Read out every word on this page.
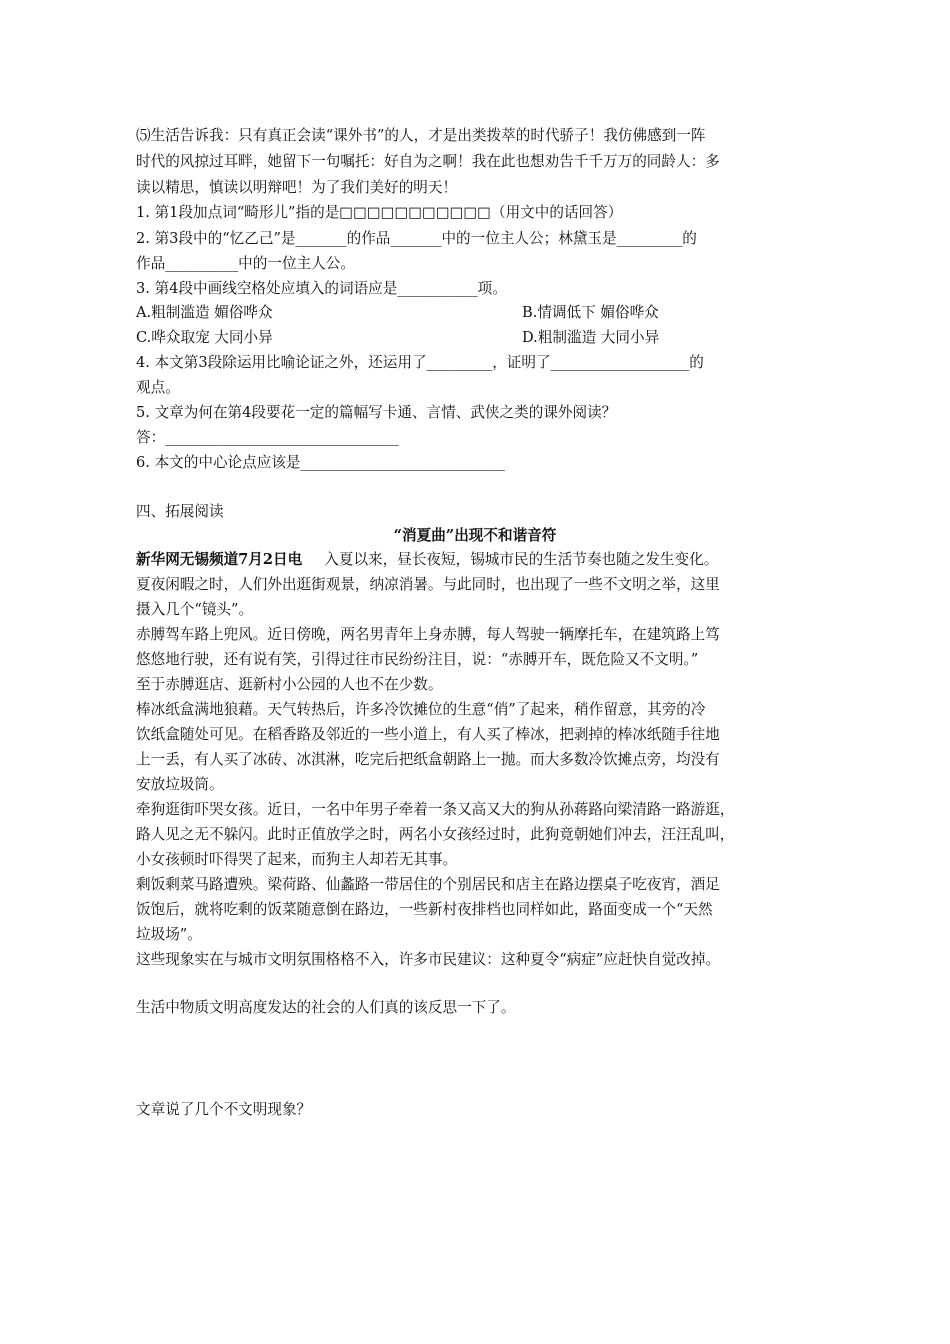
⑸生活告诉我：只有真正会读“课外书”的人，才是出类拨萃的时代骄子！我仿佛感到一阵
时代的风掠过耳畔，她留下一句嘱托：好自为之啊！我在此也想劝告千千万万的同龄人：多
读以精思，慎读以明辩吧！为了我们美好的明天！
1. 第1段加点词“畸形儿”指的是□□□□□□□□□□□（用文中的话回答）
2. 第3段中的“忆乙己”是_______的作品_______中的一位主人公；林黛玉是_________的
作品__________中的一位主人公。
3. 第4段中画线空格处应填入的词语应是___________项。
A.粗制滥造 媚俗哗众	B.情调低下 媚俗哗众
C.哗众取宠 大同小异	D.粗制滥造 大同小异
4. 本文第3段除运用比喻论证之外，还运用了_________，证明了___________________的
观点。
5. 文章为何在第4段要花一定的篇幅写卡通、言情、武侠之类的课外阅读？
答：________________________________
6. 本文的中心论点应该是____________________________
四、拓展阅读
“消夏曲”出现不和谐音符
新华网无锡频道7月2日电 入夏以来，昼长夜短，锡城市民的生活节奏也随之发生变化。
夏夜闲暇之时，人们外出逛街观景，纳凉消暑。与此同时，也出现了一些不文明之举，这里
摄入几个“镜头”。
赤膊驾车路上兜风。近日傍晚，两名男青年上身赤膊，每人驾驶一辆摩托车，在建筑路上笃
悠悠地行驶，还有说有笑，引得过往市民纷纷注目，说：“赤膊开车，既危险又不文明。”
至于赤膊逛店、逛新村小公园的人也不在少数。
棒冰纸盒满地狼藉。天气转热后，许多冷饮摊位的生意“俏”了起来，稍作留意，其旁的冷
饮纸盒随处可见。在稻香路及邻近的一些小道上，有人买了棒冰，把剥掉的棒冰纸随手往地
上一丢，有人买了冰砖、冰淇淋，吃完后把纸盒朝路上一抛。而大多数冷饮摊点旁，均没有
安放垃圾筒。
牵狗逛街吓哭女孩。近日，一名中年男子牵着一条又高又大的狗从孙蒋路向梁清路一路游逛，
路人见之无不躲闪。此时正值放学之时，两名小女孩经过时，此狗竟朝她们冲去，汪汪乱叫，
小女孩顿时吓得哭了起来，而狗主人却若无其事。
剩饭剩菜马路遭殃。梁荷路、仙蠡路一带居住的个别居民和店主在路边摆桌子吃夜宵，酒足
饭饱后，就将吃剩的饭菜随意倒在路边，一些新村夜排档也同样如此，路面变成一个“天然
垃圾场”。
这些现象实在与城市文明氛围格格不入，许多市民建议：这种夏令“病症”应赶快自觉改掉。
生活中物质文明高度发达的社会的人们真的该反思一下了。
文章说了几个不文明现象？
